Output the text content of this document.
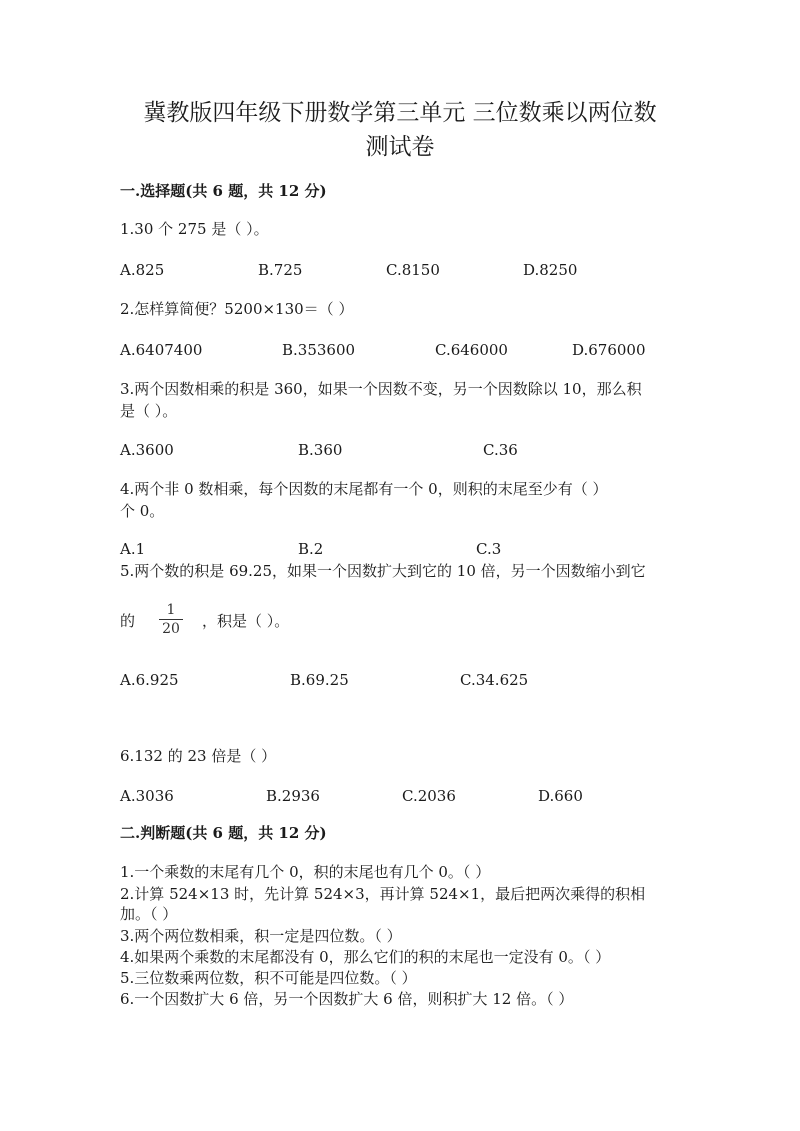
冀教版四年级下册数学第三单元 三位数乘以两位数
测试卷
一.选择题(共 6 题，共 12 分)
1.30 个 275 是（ ）。
A.825	B.725	C.8150	D.8250
2.怎样算简便？5200×130＝（ ）
A.6407400	B.353600	C.646000	D.676000
3.两个因数相乘的积是 360，如果一个因数不变，另一个因数除以 10，那么积
是（ ）。
A.3600	B.360	C.36
4.两个非 0 数相乘，每个因数的末尾都有一个 0，则积的末尾至少有（ ）
个 0。
A.1	B.2	C.3
5.两个数的积是 69.25，如果一个因数扩大到它的 10 倍，另一个因数缩小到它
的
1
20 ，积是（ ）。
A.6.925	B.69.25	C.34.625
6.132 的 23 倍是（ ）
A.3036	B.2936	C.2036	D.660
二.判断题(共 6 题，共 12 分)
1.一个乘数的末尾有几个 0，积的末尾也有几个 0。（ ）
2.计算 524×13 时，先计算 524×3，再计算 524×1，最后把两次乘得的积相
加。（ ）
3.两个两位数相乘，积一定是四位数。（ ）
4.如果两个乘数的末尾都没有 0，那么它们的积的末尾也一定没有 0。（ ）
5.三位数乘两位数，积不可能是四位数。（ ）
6.一个因数扩大 6 倍，另一个因数扩大 6 倍，则积扩大 12 倍。（ ）
